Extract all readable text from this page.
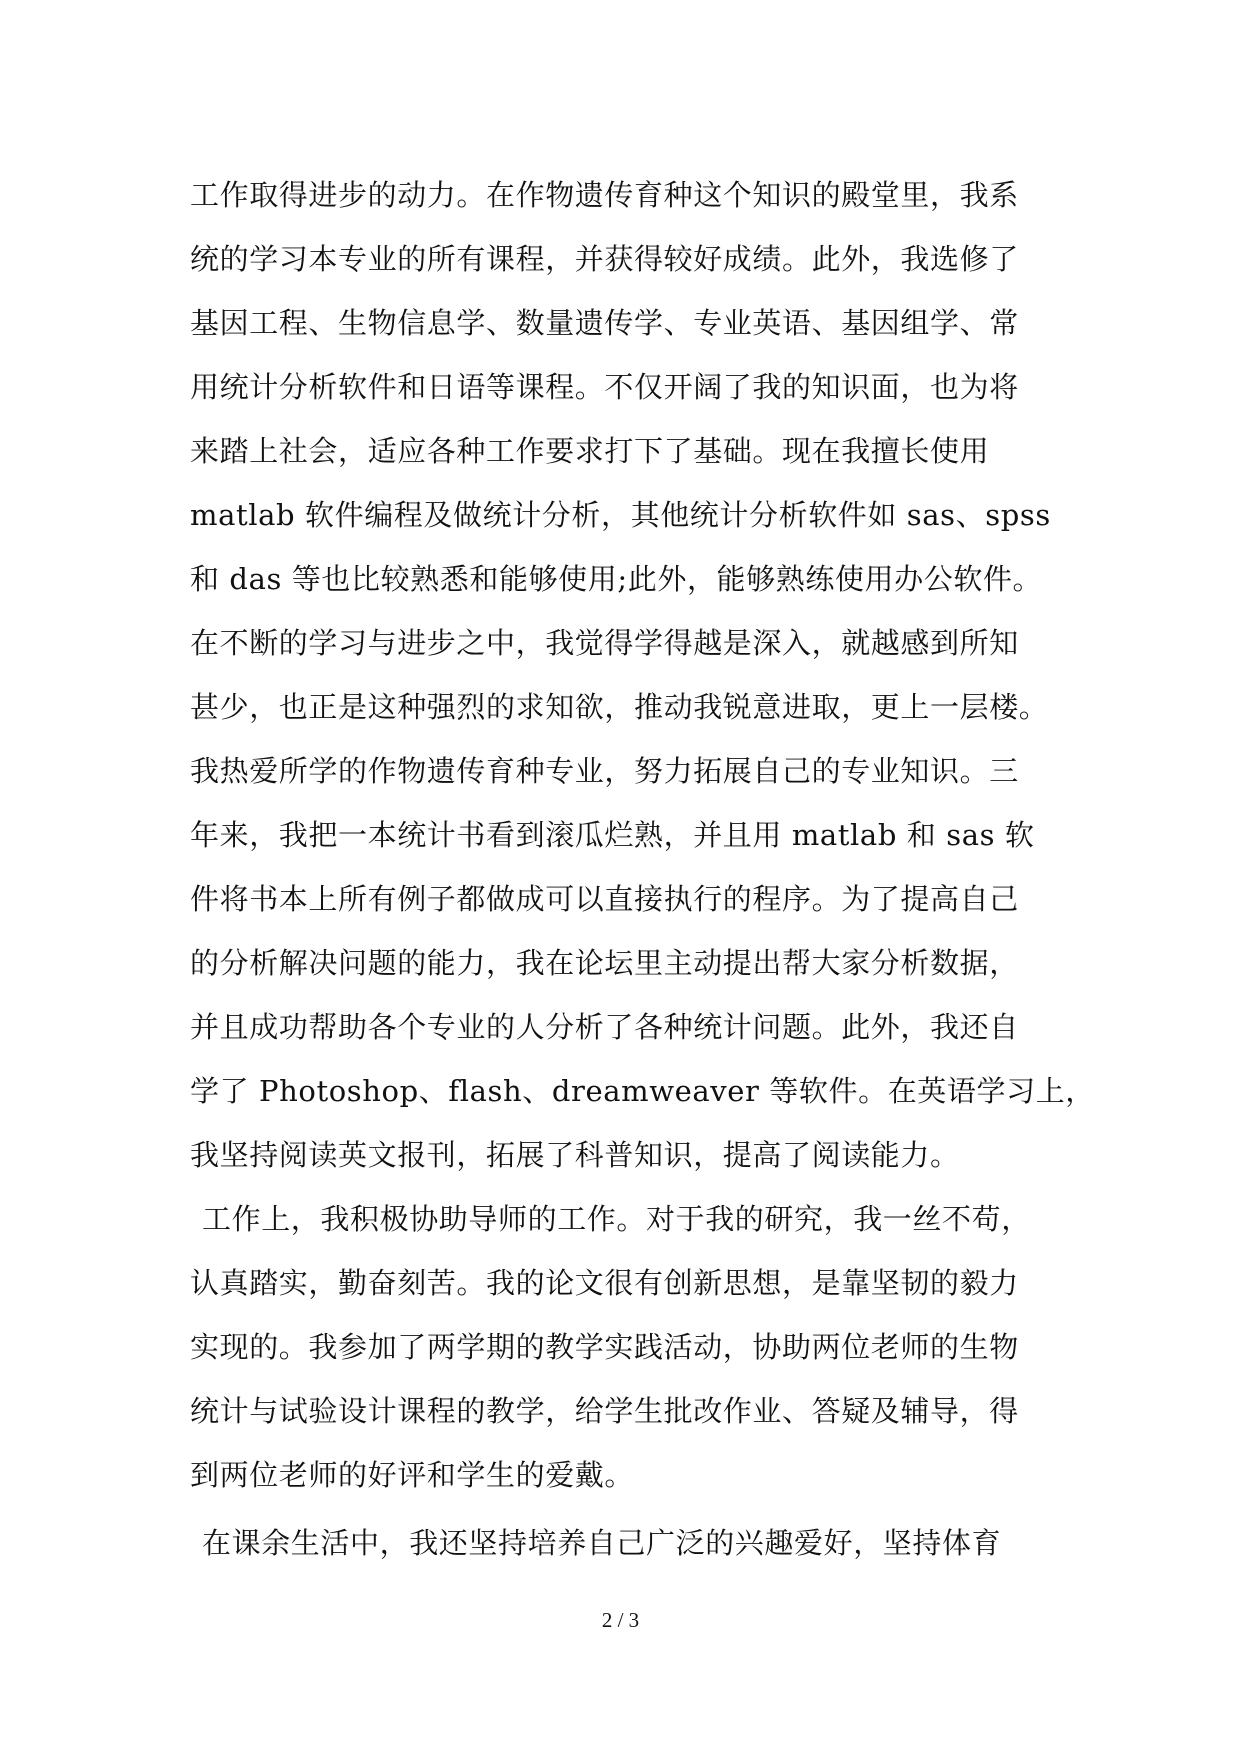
工作取得进步的动力。在作物遗传育种这个知识的殿堂里，我系
统的学习本专业的所有课程，并获得较好成绩。此外，我选修了
基因工程、生物信息学、数量遗传学、专业英语、基因组学、常
用统计分析软件和日语等课程。不仅开阔了我的知识面，也为将
来踏上社会，适应各种工作要求打下了基础。现在我擅长使用
matlab 软件编程及做统计分析，其他统计分析软件如 sas、spss
和 das 等也比较熟悉和能够使用;此外，能够熟练使用办公软件。
在不断的学习与进步之中，我觉得学得越是深入，就越感到所知
甚少，也正是这种强烈的求知欲，推动我锐意进取，更上一层楼。
我热爱所学的作物遗传育种专业，努力拓展自己的专业知识。三
年来，我把一本统计书看到滚瓜烂熟，并且用 matlab 和 sas 软
件将书本上所有例子都做成可以直接执行的程序。为了提高自己
的分析解决问题的能力，我在论坛里主动提出帮大家分析数据，
并且成功帮助各个专业的人分析了各种统计问题。此外，我还自
学了 Photoshop、flash、dreamweaver 等软件。在英语学习上，
我坚持阅读英文报刊，拓展了科普知识，提高了阅读能力。
工作上，我积极协助导师的工作。对于我的研究，我一丝不苟，
认真踏实，勤奋刻苦。我的论文很有创新思想，是靠坚韧的毅力
实现的。我参加了两学期的教学实践活动，协助两位老师的生物
统计与试验设计课程的教学，给学生批改作业、答疑及辅导，得
到两位老师的好评和学生的爱戴。
在课余生活中，我还坚持培养自己广泛的兴趣爱好，坚持体育
2 / 3
